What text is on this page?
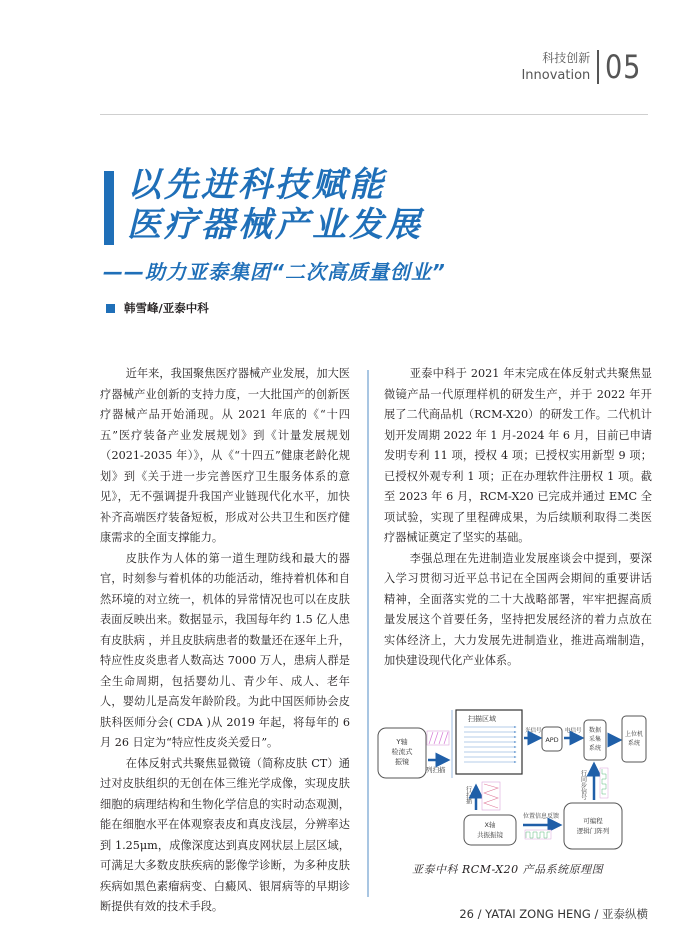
科技创新
Innovation 05
以先进科技赋能
医疗器械产业发展
——助力亚泰集团“二次高质量创业”
韩雪峰/亚泰中科

近年来，我国聚焦医疗器械产业发展，加大医疗器械产业创新的支持力度，一大批国产的创新医疗器械产品开始涌现。从 2021 年底的《“十四五”医疗装备产业发展规划》到《计量发展规划（2021-2035 年）》，从《“十四五”健康老龄化规划》到《关于进一步完善医疗卫生服务体系的意见》，无不强调提升我国产业链现代化水平，加快补齐高端医疗装备短板，形成对公共卫生和医疗健康需求的全面支撑能力。

皮肤作为人体的第一道生理防线和最大的器官，时刻参与着机体的功能活动，维持着机体和自然环境的对立统一，机体的异常情况也可以在皮肤表面反映出来。数据显示，我国每年约 1.5 亿人患有皮肤病 ，并且皮肤病患者的数量还在逐年上升，特应性皮炎患者人数高达 7000 万人，患病人群是全生命周期，包括婴幼儿、青少年、成人、老年人，婴幼儿是高发年龄阶段。为此中国医师协会皮肤科医师分会( CDA )从 2019 年起，将每年的 6 月 26 日定为“特应性皮炎关爱日”。

在体反射式共聚焦显微镜（简称皮肤 CT）通过对皮肤组织的无创在体三维光学成像，实现皮肤细胞的病理结构和生物化学信息的实时动态观测，能在细胞水平在体观察表皮和真皮浅层，分辨率达到 1.25μm，成像深度达到真皮网状层上层区域，可满足大多数皮肤疾病的影像学诊断，为多种皮肤疾病如黑色素瘤病变、白癜风、银屑病等的早期诊断提供有效的技术手段。

亚泰中科于 2021 年末完成在体反射式共聚焦显微镜产品一代原理样机的研发生产，并于 2022 年开展了二代商品机（RCM-X20）的研发工作。二代机计划开发周期 2022 年 1 月-2024 年 6 月，目前已申请发明专利 11 项，授权 4 项；已授权实用新型 9 项；已授权外观专利 1 项；正在办理软件注册权 1 项。截至 2023 年 6 月，RCM-X20 已完成并通过 EMC 全项试验，实现了里程碑成果，为后续顺利取得二类医疗器械证奠定了坚实的基础。

李强总理在先进制造业发展座谈会中提到，要深入学习贯彻习近平总书记在全国两会期间的重要讲话精神，全面落实党的二十大战略部署，牢牢把握高质量发展这个首要任务，坚持把发展经济的着力点放在实体经济上，大力发展先进制造业，推进高端制造，加快建设现代化产业体系。

Y轴
检流式
振镜
列扫描
扫描区域
光信号
APD
电信号 数据
采集
系统
上位机
系统
行扫描
X轴
共振振镜
位置信息反馈
可编程
逻辑门阵列
行同步信号
亚泰中科 RCM-X20 产品系统原理图
26 / YATAI ZONG HENG / 亚泰纵横
